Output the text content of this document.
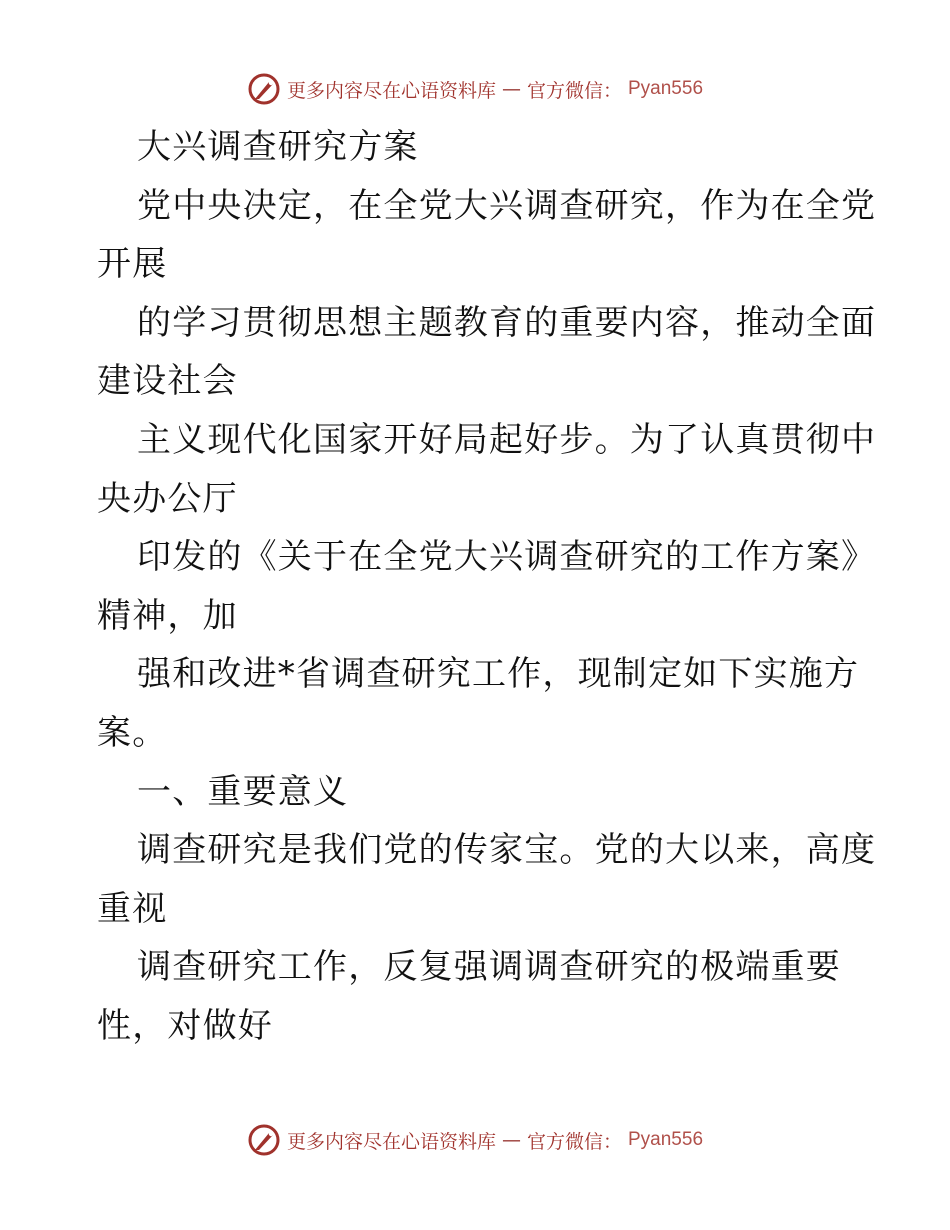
更多内容尽在心语资料库 — 官方微信： Pyan556
大兴调查研究方案
党中央决定，在全党大兴调查研究，作为在全党
开展
的学习贯彻思想主题教育的重要内容，推动全面
建设社会
主义现代化国家开好局起好步。为了认真贯彻中
央办公厅
印发的《关于在全党大兴调查研究的工作方案》
精神，加
强和改进*省调查研究工作，现制定如下实施方
案。
一、重要意义
调查研究是我们党的传家宝。党的大以来，高度
重视
调查研究工作，反复强调调查研究的极端重要
性，对做好
更多内容尽在心语资料库 — 官方微信： Pyan556
